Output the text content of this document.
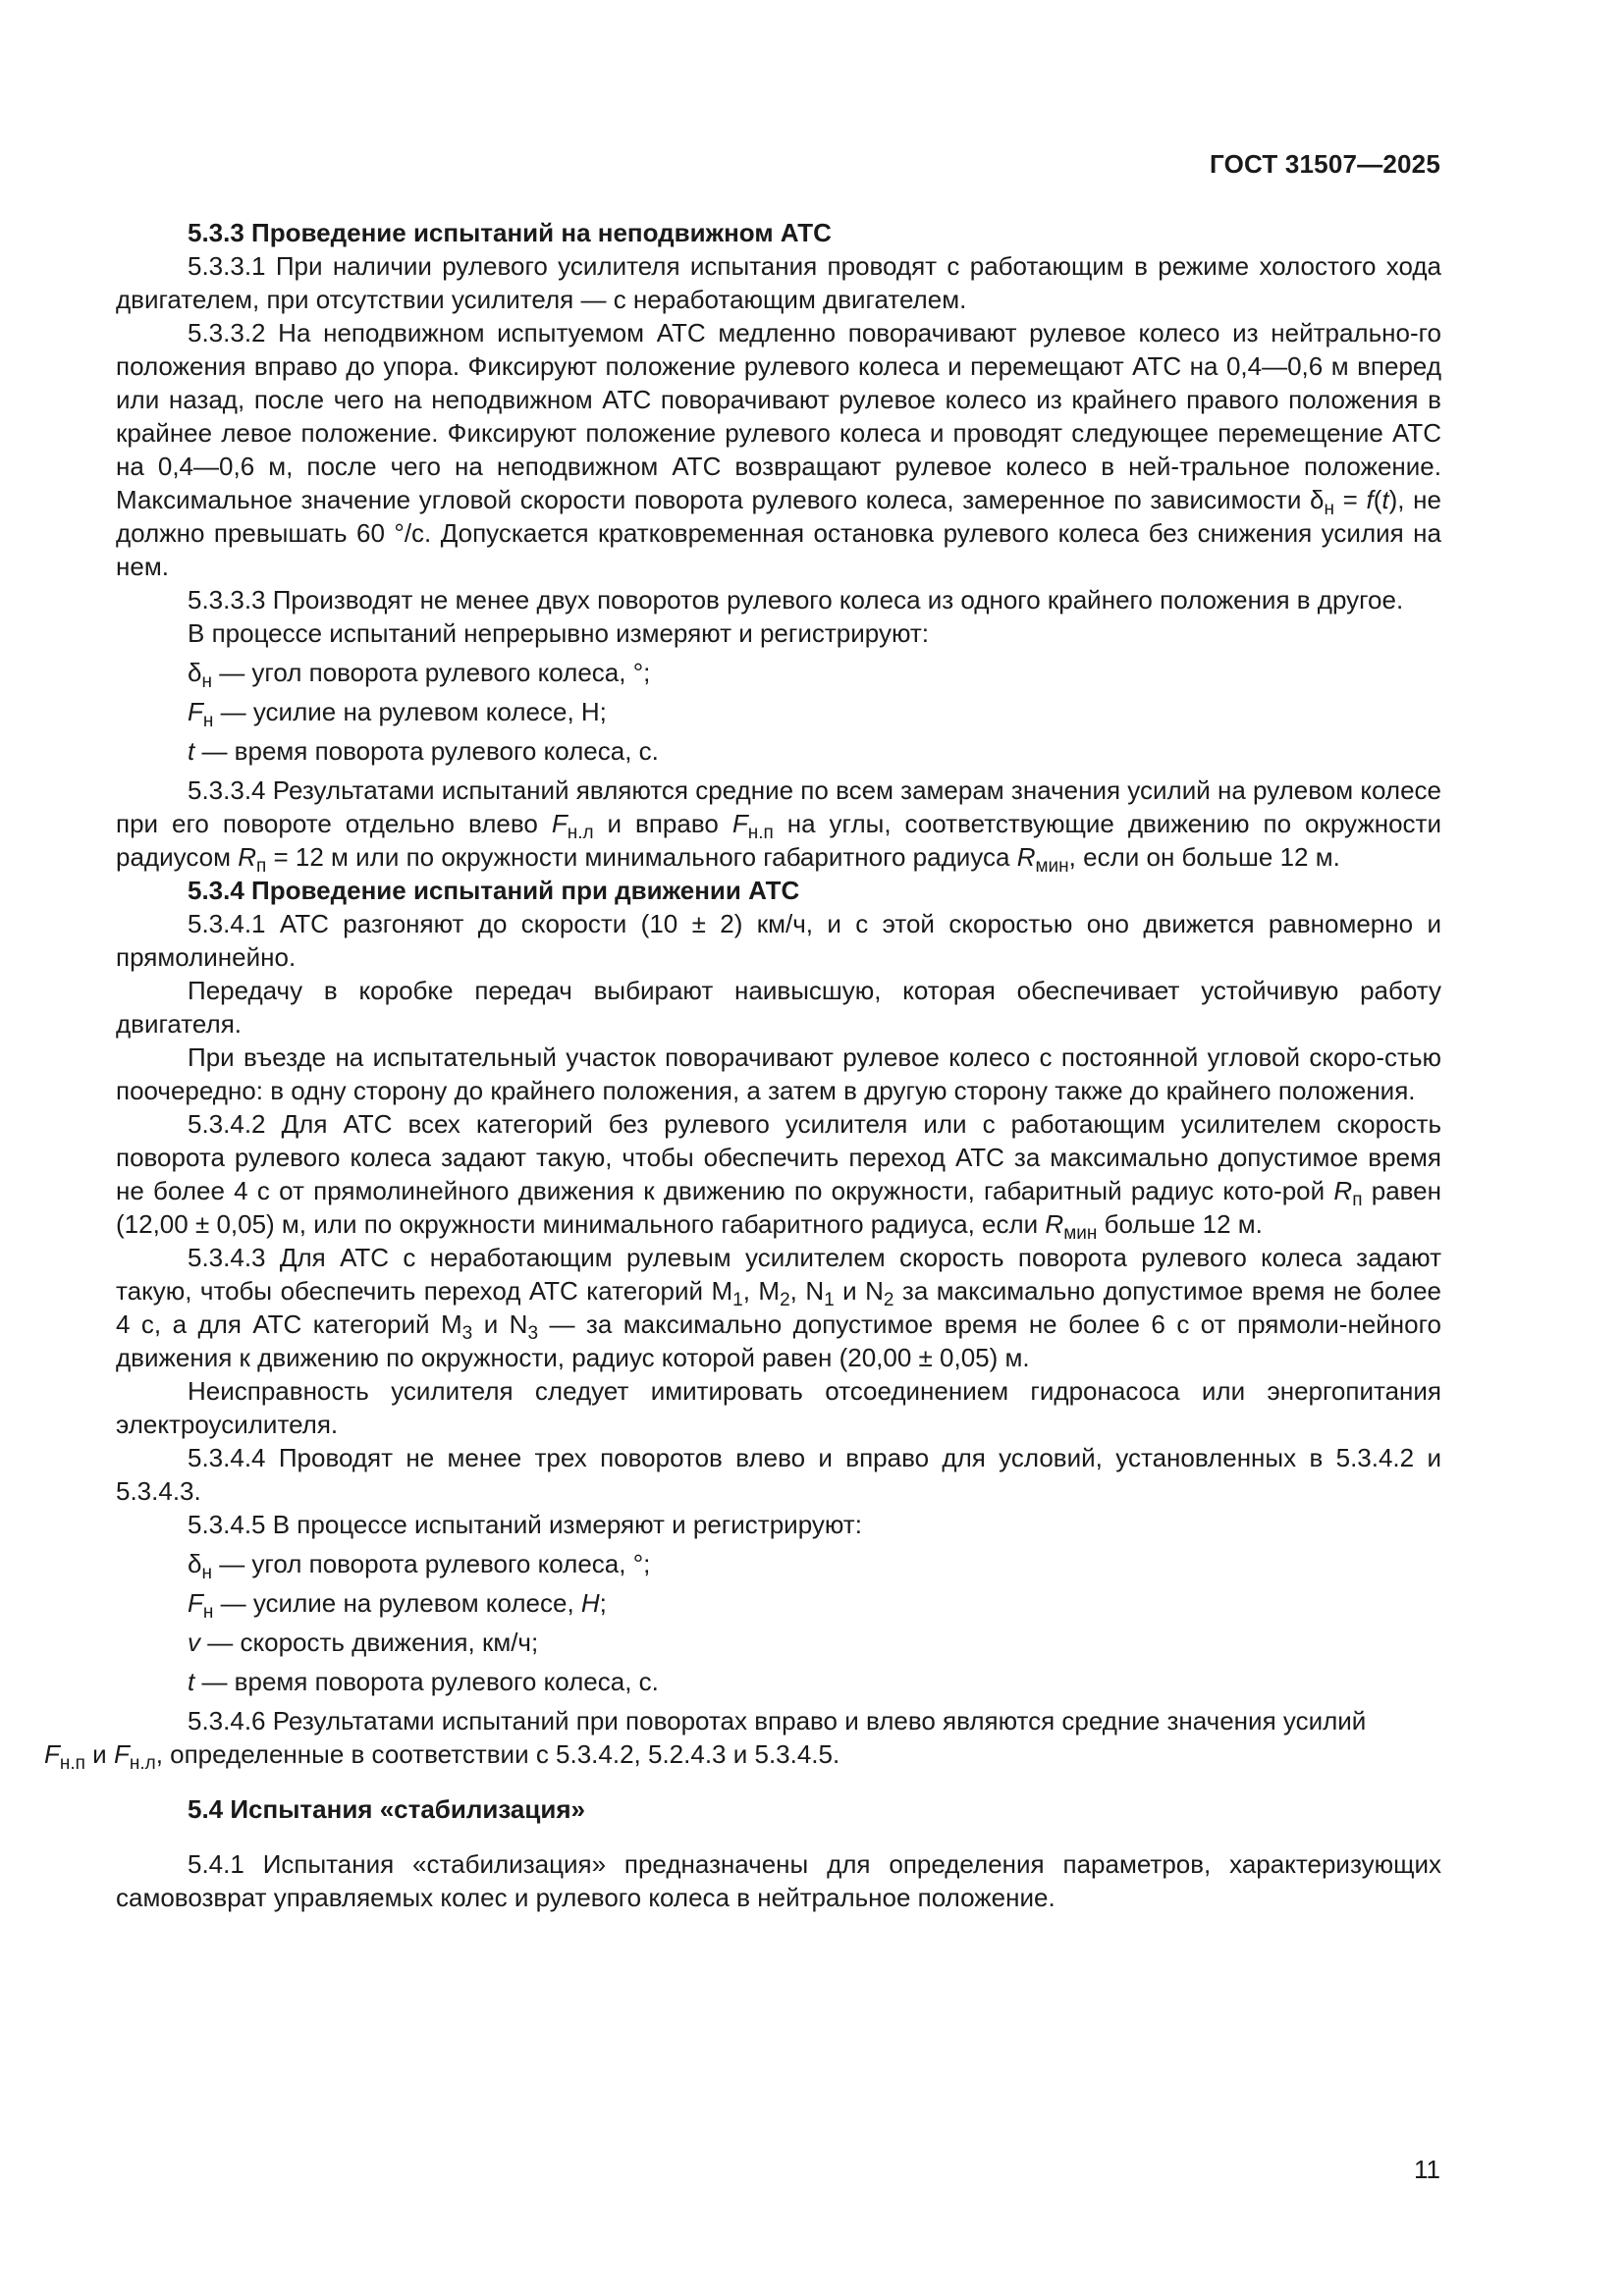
ГОСТ 31507—2025

5.3.3 Проведение испытаний на неподвижном АТС

5.3.3.1 При наличии рулевого усилителя испытания проводят с работающим в режиме холостого хода двигателем, при отсутствии усилителя — с неработающим двигателем.

5.3.3.2 На неподвижном испытуемом АТС медленно поворачивают рулевое колесо из нейтрально-го положения вправо до упора. Фиксируют положение рулевого колеса и перемещают АТС на 0,4—0,6 м вперед или назад, после чего на неподвижном АТС поворачивают рулевое колесо из крайнего правого положения в крайнее левое положение. Фиксируют положение рулевого колеса и проводят следующее перемещение АТС на 0,4—0,6 м, после чего на неподвижном АТС возвращают рулевое колесо в ней-тральное положение. Максимальное значение угловой скорости поворота рулевого колеса, замеренное по зависимости $\delta_н = f(t)$, не должно превышать 60 °/с. Допускается кратковременная остановка рулевого колеса без снижения усилия на нем.

5.3.3.3 Производят не менее двух поворотов рулевого колеса из одного крайнего положения в другое.

В процессе испытаний непрерывно измеряют и регистрируют:

$\delta_н$ — угол поворота рулевого колеса, °;

$F_н$ — усилие на рулевом колесе, Н;

t — время поворота рулевого колеса, с.

5.3.3.4 Результатами испытаний являются средние по всем замерам значения усилий на рулевом колесе при его повороте отдельно влево $F_{н.л}$ и вправо $F_{н.п}$ на углы, соответствующие движению по окружности радиусом $R_п = 12$ м или по окружности минимального габаритного радиуса $R_{мин}$, если он больше 12 м.

5.3.4 Проведение испытаний при движении АТС

5.3.4.1 АТС разгоняют до скорости (10 ± 2) км/ч, и с этой скоростью оно движется равномерно и прямолинейно.

Передачу в коробке передач выбирают наивысшую, которая обеспечивает устойчивую работу двигателя.

При въезде на испытательный участок поворачивают рулевое колесо с постоянной угловой скоро-стью поочередно: в одну сторону до крайнего положения, а затем в другую сторону также до крайнего положения.

5.3.4.2 Для АТС всех категорий без рулевого усилителя или с работающим усилителем скорость поворота рулевого колеса задают такую, чтобы обеспечить переход АТС за максимально допустимое время не более 4 с от прямолинейного движения к движению по окружности, габаритный радиус кото-рой $R_п$ равен (12,00 ± 0,05) м, или по окружности минимального габаритного радиуса, если $R_{мин}$ больше 12 м.

5.3.4.3 Для АТС с неработающим рулевым усилителем скорость поворота рулевого колеса задают такую, чтобы обеспечить переход АТС категорий $M_1$, $M_2$, $N_1$ и $N_2$ за максимально допустимое время не более 4 с, а для АТС категорий $M_3$ и $N_3$ — за максимально допустимое время не более 6 с от прямоли-нейного движения к движению по окружности, радиус которой равен (20,00 ± 0,05) м.

Неисправность усилителя следует имитировать отсоединением гидронасоса или энергопитания электроусилителя.

5.3.4.4 Проводят не менее трех поворотов влево и вправо для условий, установленных в 5.3.4.2 и 5.3.4.3.

5.3.4.5 В процессе испытаний измеряют и регистрируют:

$\delta_н$ — угол поворота рулевого колеса, °;

$F_н$ — усилие на рулевом колесе, Н;

v — скорость движения, км/ч;

t — время поворота рулевого колеса, с.

5.3.4.6 Результатами испытаний при поворотах вправо и влево являются средние значения усилий
$F_{н.п}$ и $F_{н.л}$, определенные в соответствии с 5.3.4.2, 5.2.4.3 и 5.3.4.5.

5.4 Испытания «стабилизация»

5.4.1 Испытания «стабилизация» предназначены для определения параметров, характеризующих самовозврат управляемых колес и рулевого колеса в нейтральное положение.

11
